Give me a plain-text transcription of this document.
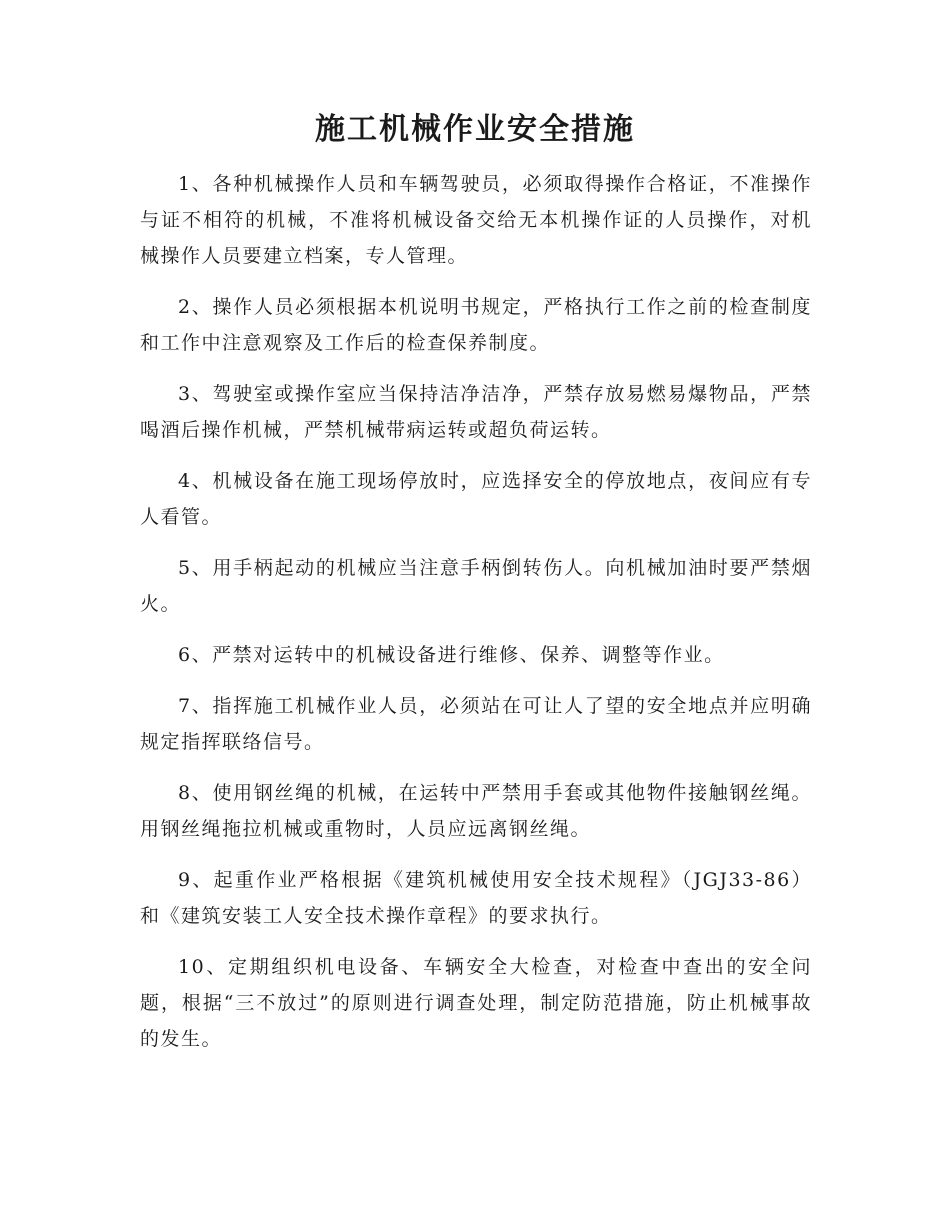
施工机械作业安全措施

1、各种机械操作人员和车辆驾驶员，必须取得操作合格证，不准操作与证不相符的机械，不准将机械设备交给无本机操作证的人员操作，对机械操作人员要建立档案，专人管理。

2、操作人员必须根据本机说明书规定，严格执行工作之前的检查制度和工作中注意观察及工作后的检查保养制度。

3、驾驶室或操作室应当保持洁净洁净，严禁存放易燃易爆物品，严禁喝酒后操作机械，严禁机械带病运转或超负荷运转。

4、机械设备在施工现场停放时，应选择安全的停放地点，夜间应有专人看管。

5、用手柄起动的机械应当注意手柄倒转伤人。向机械加油时要严禁烟火。

6、严禁对运转中的机械设备进行维修、保养、调整等作业。

7、指挥施工机械作业人员，必须站在可让人了望的安全地点并应明确规定指挥联络信号。

8、使用钢丝绳的机械，在运转中严禁用手套或其他物件接触钢丝绳。用钢丝绳拖拉机械或重物时，人员应远离钢丝绳。

9、起重作业严格根据《建筑机械使用安全技术规程》（JGJ33-86）和《建筑安装工人安全技术操作章程》的要求执行。

10、定期组织机电设备、车辆安全大检查，对检查中查出的安全问题，根据“三不放过”的原则进行调查处理，制定防范措施，防止机械事故的发生。
